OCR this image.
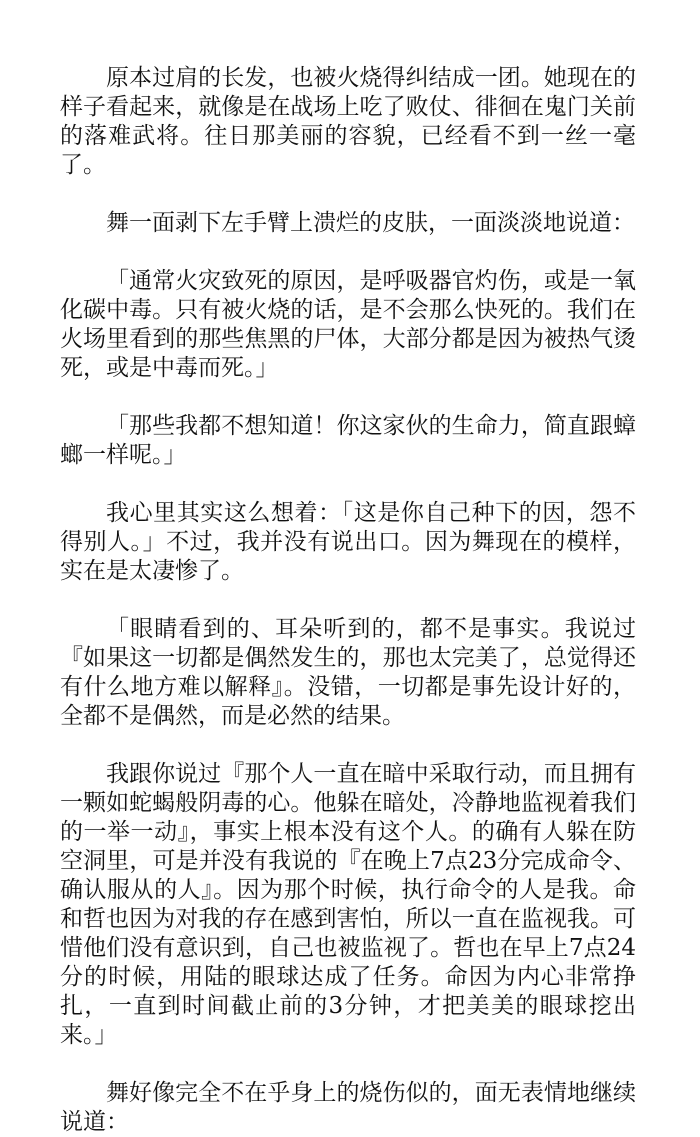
原本过肩的长发，也被火烧得纠结成一团。她现在的样子看起来，就像是在战场上吃了败仗、徘徊在鬼门关前的落难武将。往日那美丽的容貌，已经看不到一丝一毫了。

舞一面剥下左手臂上溃烂的皮肤，一面淡淡地说道：

「通常火灾致死的原因，是呼吸器官灼伤，或是一氧化碳中毒。只有被火烧的话，是不会那么快死的。我们在火场里看到的那些焦黑的尸体，大部分都是因为被热气烫死，或是中毒而死。」

「那些我都不想知道！你这家伙的生命力，简直跟蟑螂一样呢。」

我心里其实这么想着：「这是你自己种下的因，怨不得别人。」不过，我并没有说出口。因为舞现在的模样，实在是太凄惨了。

「眼睛看到的、耳朵听到的，都不是事实。我说过『如果这一切都是偶然发生的，那也太完美了，总觉得还有什么地方难以解释』。没错，一切都是事先设计好的，全都不是偶然，而是必然的结果。

我跟你说过『那个人一直在暗中采取行动，而且拥有一颗如蛇蝎般阴毒的心。他躲在暗处，冷静地监视着我们的一举一动』，事实上根本没有这个人。的确有人躲在防空洞里，可是并没有我说的『在晚上7点23分完成命令、确认服从的人』。因为那个时候，执行命令的人是我。命和哲也因为对我的存在感到害怕，所以一直在监视我。可惜他们没有意识到，自己也被监视了。哲也在早上7点24分的时候，用陆的眼球达成了任务。命因为内心非常挣扎，一直到时间截止前的3分钟，才把美美的眼球挖出来。」

舞好像完全不在乎身上的烧伤似的，面无表情地继续说道：
